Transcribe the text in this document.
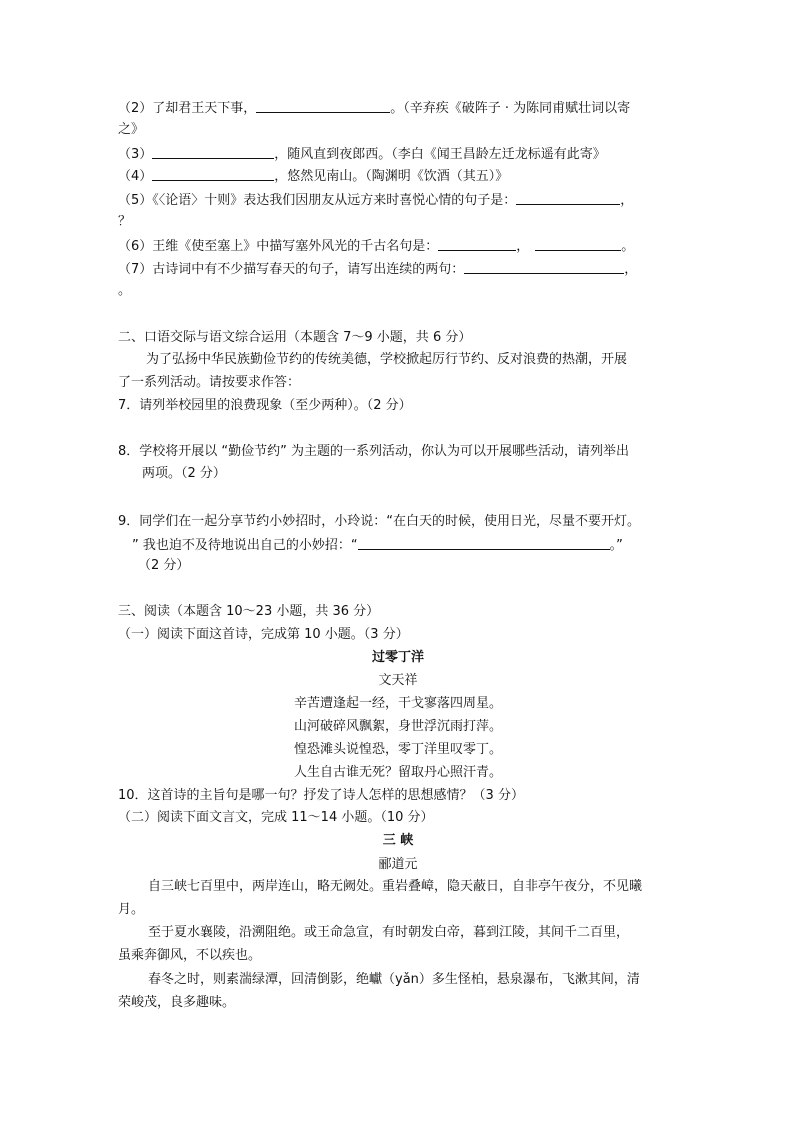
（2）了却君王天下事，	。（辛弃疾《破阵子 · 为陈同甫赋壮词以寄
之》
（3）	，随风直到夜郎西。（李白《闻王昌龄左迁龙标遥有此寄》
（4）	，悠然见南山。（陶渊明《饮酒（其五）》
（5）《〈论语〉十则》表达我们因朋友从远方来时喜悦心情的句子是：	，
？
（6）王维《使至塞上》中描写塞外风光的千古名句是：	，	。
（7）古诗词中有不少描写春天的句子，请写出连续的两句：	，
。
二、口语交际与语文综合运用（本题含 7～9 小题，共 6 分）
为了弘扬中华民族勤俭节约的传统美德，学校掀起厉行节约、反对浪费的热潮，开展
了一系列活动。请按要求作答：
7．请列举校园里的浪费现象（至少两种）。（2 分）
8．学校将开展以 “勤俭节约” 为主题的一系列活动，你认为可以开展哪些活动，请列举出
两项。（2 分）
9．同学们在一起分享节约小妙招时，小玲说：“在白天的时候，使用日光，尽量不要开灯。
” 我也迫不及待地说出自己的小妙招：“	。”
（2 分）
三、阅读（本题含 10～23 小题，共 36 分）
（一）阅读下面这首诗，完成第 10 小题。（3 分）
过零丁洋
文天祥
辛苦遭逢起一经，干戈寥落四周星。
山河破碎风飘絮，身世浮沉雨打萍。
惶恐滩头说惶恐，零丁洋里叹零丁。
人生自古谁无死？留取丹心照汗青。
10．这首诗的主旨句是哪一句？抒发了诗人怎样的思想感情？（3 分）
（二）阅读下面文言文，完成 11～14 小题。（10 分）
三 峡
郦道元
自三峡七百里中，两岸连山，略无阙处。重岩叠嶂，隐天蔽日，自非亭午夜分，不见曦
月。
至于夏水襄陵，沿溯阻绝。或王命急宣，有时朝发白帝，暮到江陵，其间千二百里，
虽乘奔御风，不以疾也。
春冬之时，则素湍绿潭，回清倒影，绝巘（yǎn）多生怪柏，悬泉瀑布，飞漱其间，清
荣峻茂，良多趣味。
